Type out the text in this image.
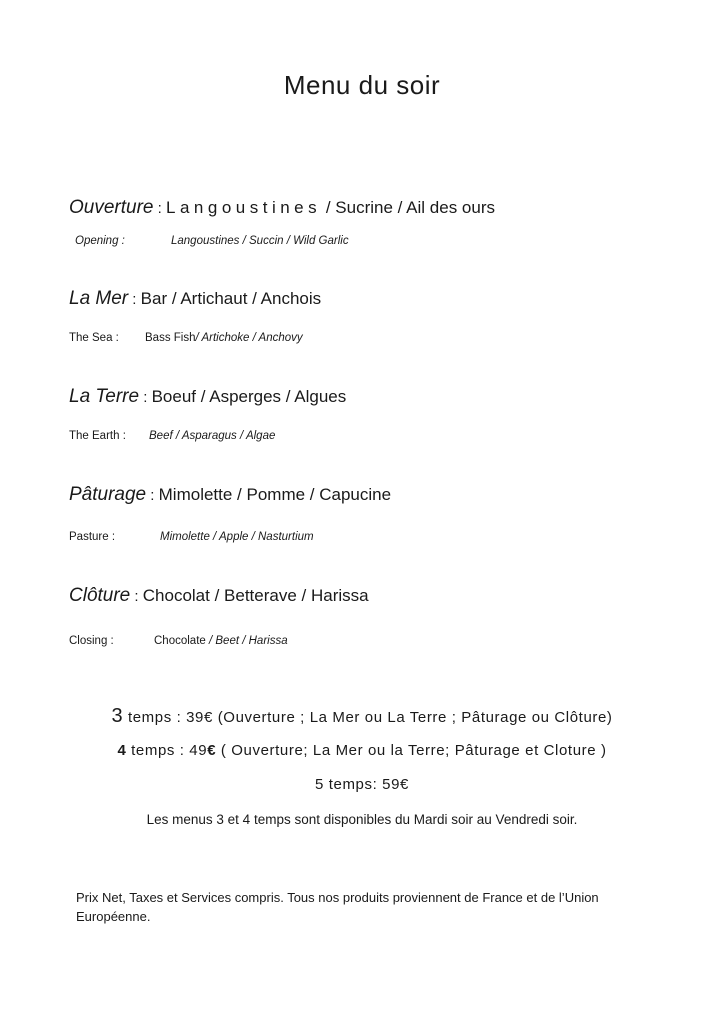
Menu du soir
Ouverture : Langoustines / Sucrine / Ail des ours
Opening :	Langoustines / Succin / Wild Garlic
La Mer : Bar / Artichaut / Anchois
The Sea : Bass Fish/ Artichoke / Anchovy
La Terre : Boeuf / Asperges / Algues
The Earth : Beef / Asparagus / Algae
Pâturage : Mimolette / Pomme / Capucine
Pasture :	Mimolette / Apple / Nasturtium
Clôture : Chocolat / Betterave / Harissa
Closing :	Chocolate / Beet / Harissa
3 temps : 39€ (Ouverture ; La Mer ou La Terre ; Pâturage ou Clôture)
4 temps : 49€ ( Ouverture; La Mer ou la Terre; Pâturage et Cloture )
5 temps: 59€
Les menus 3 et 4 temps sont disponibles du Mardi soir au Vendredi soir.
Prix Net, Taxes et Services compris. Tous nos produits proviennent de France et de l’Union Européenne.
